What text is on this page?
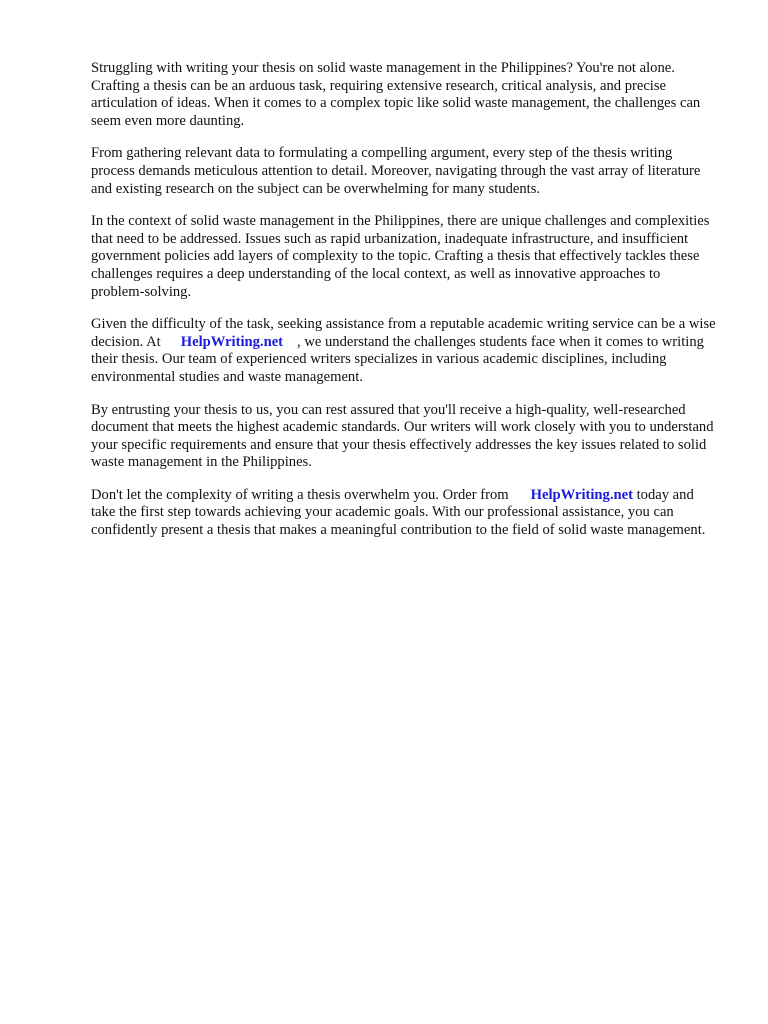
Struggling with writing your thesis on solid waste management in the Philippines? You're not alone. Crafting a thesis can be an arduous task, requiring extensive research, critical analysis, and precise articulation of ideas. When it comes to a complex topic like solid waste management, the challenges can seem even more daunting.

From gathering relevant data to formulating a compelling argument, every step of the thesis writing process demands meticulous attention to detail. Moreover, navigating through the vast array of literature and existing research on the subject can be overwhelming for many students.

In the context of solid waste management in the Philippines, there are unique challenges and complexities that need to be addressed. Issues such as rapid urbanization, inadequate infrastructure, and insufficient government policies add layers of complexity to the topic. Crafting a thesis that effectively tackles these challenges requires a deep understanding of the local context, as well as innovative approaches to problem-solving.

Given the difficulty of the task, seeking assistance from a reputable academic writing service can be a wise decision. At HelpWriting.net , we understand the challenges students face when it comes to writing their thesis. Our team of experienced writers specializes in various academic disciplines, including environmental studies and waste management.

By entrusting your thesis to us, you can rest assured that you'll receive a high-quality, well-researched document that meets the highest academic standards. Our writers will work closely with you to understand your specific requirements and ensure that your thesis effectively addresses the key issues related to solid waste management in the Philippines.

Don't let the complexity of writing a thesis overwhelm you. Order from HelpWriting.net today and take the first step towards achieving your academic goals. With our professional assistance, you can confidently present a thesis that makes a meaningful contribution to the field of solid waste management.
